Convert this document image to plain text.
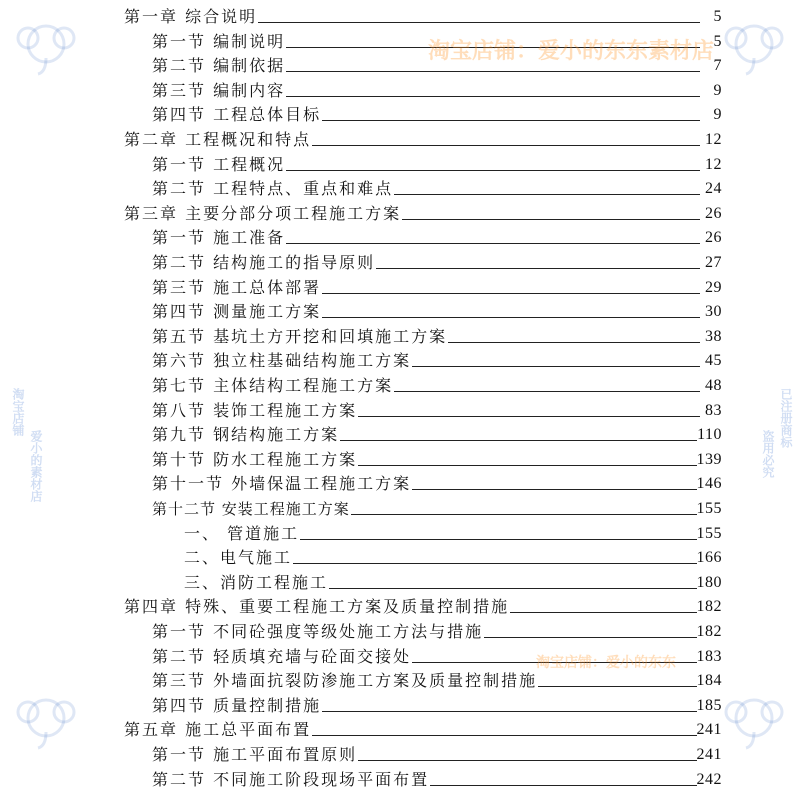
第一章 综合说明	5
第一节 编制说明	5
第二节 编制依据	7
第三节 编制内容	9
第四节 工程总体目标	9
第二章 工程概况和特点	12
第一节 工程概况	12
第二节 工程特点、重点和难点	24
第三章 主要分部分项工程施工方案	26
第一节 施工准备	26
第二节 结构施工的指导原则	27
第三节 施工总体部署	29
第四节 测量施工方案	30
第五节 基坑土方开挖和回填施工方案	38
第六节 独立柱基础结构施工方案	45
第七节 主体结构工程施工方案	48
第八节 装饰工程施工方案	83
第九节 钢结构施工方案	110
第十节 防水工程施工方案	139
第十一节 外墙保温工程施工方案	146
第十二节 安装工程施工方案	155
一、 管道施工	155
二、电气施工	166
三、消防工程施工	180
第四章 特殊、重要工程施工方案及质量控制措施	182
第一节 不同砼强度等级处施工方法与措施	182
第二节 轻质填充墙与砼面交接处	183
第三节 外墙面抗裂防渗施工方案及质量控制措施	184
第四节 质量控制措施	185
第五章 施工总平面布置	241
第一节 施工平面布置原则	241
第二节 不同施工阶段现场平面布置	242
淘宝店铺：爱小的东东素材店
淘宝店铺：爱小的东东
淘宝店铺
爱小的素材店
已注册商标
盗用必究
